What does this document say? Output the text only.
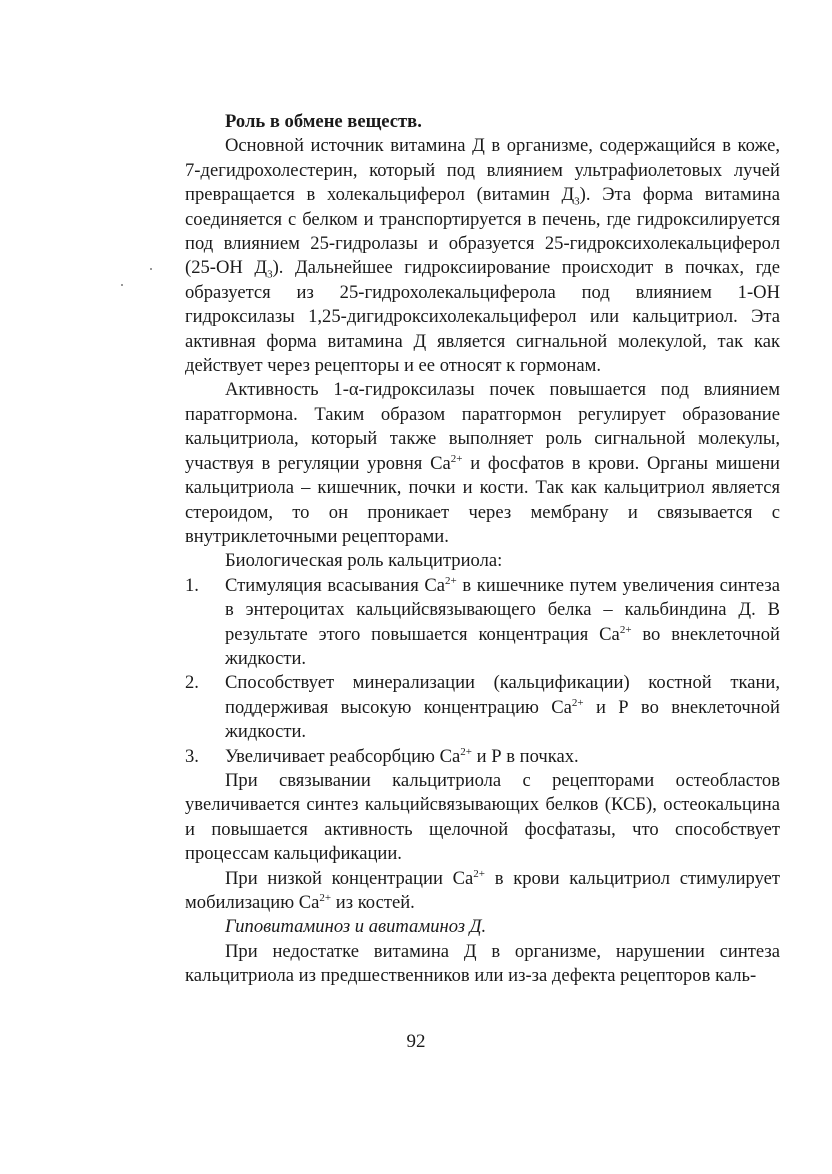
Роль в обмене веществ.

Основной источник витамина Д в организме, содержащийся в коже, 7-дегидрохолестерин, который под влиянием ультрафиолетовых лучей превращается в холекальциферол (витамин $Д_3$). Эта форма витамина соединяется с белком и транспортируется в печень, где гидроксилируется под влиянием 25-гидролазы и образуется 25-гидроксихолекальциферол (25-ОН $Д_3$). Дальнейшее гидроксиирование происходит в почках, где образуется из 25-гидрохолекальциферола под влиянием 1-ОН гидроксилазы 1,25-дигидроксихолекальциферол или кальцитриол. Эта активная форма витамина Д является сигнальной молекулой, так как действует через рецепторы и ее относят к гормонам.

Активность 1-α-гидроксилазы почек повышается под влиянием паратгормона. Таким образом паратгормон регулирует образование кальцитриола, который также выполняет роль сигнальной молекулы, участвуя в регуляции уровня $Са^{2+}$ и фосфатов в крови. Органы мишени кальцитриола – кишечник, почки и кости. Так как кальцитриол является стероидом, то он проникает через мембрану и связывается с внутриклеточными рецепторами.

Биологическая роль кальцитриола:
1.	Стимуляция всасывания $Са^{2+}$ в кишечнике путем увеличения синтеза в энтероцитах кальцийсвязывающего белка – кальбиндина Д. В результате этого повышается концентрация $Са^{2+}$ во внеклеточной жидкости.
2.	Способствует минерализации (кальцификации) костной ткани, поддерживая высокую концентрацию $Са^{2+}$ и Р во внеклеточной жидкости.
3.	Увеличивает реабсорбцию $Са^{2+}$ и Р в почках.

При связывании кальцитриола с рецепторами остеобластов увеличивается синтез кальцийсвязывающих белков (КСБ), остеокальцина и повышается активность щелочной фосфатазы, что способствует процессам кальцификации.

При низкой концентрации $Са^{2+}$ в крови кальцитриол стимулирует мобилизацию $Са^{2+}$ из костей.

Гиповитаминоз и авитаминоз Д.

При недостатке витамина Д в организме, нарушении синтеза кальцитриола из предшественников или из-за дефекта рецепторов каль-

92
